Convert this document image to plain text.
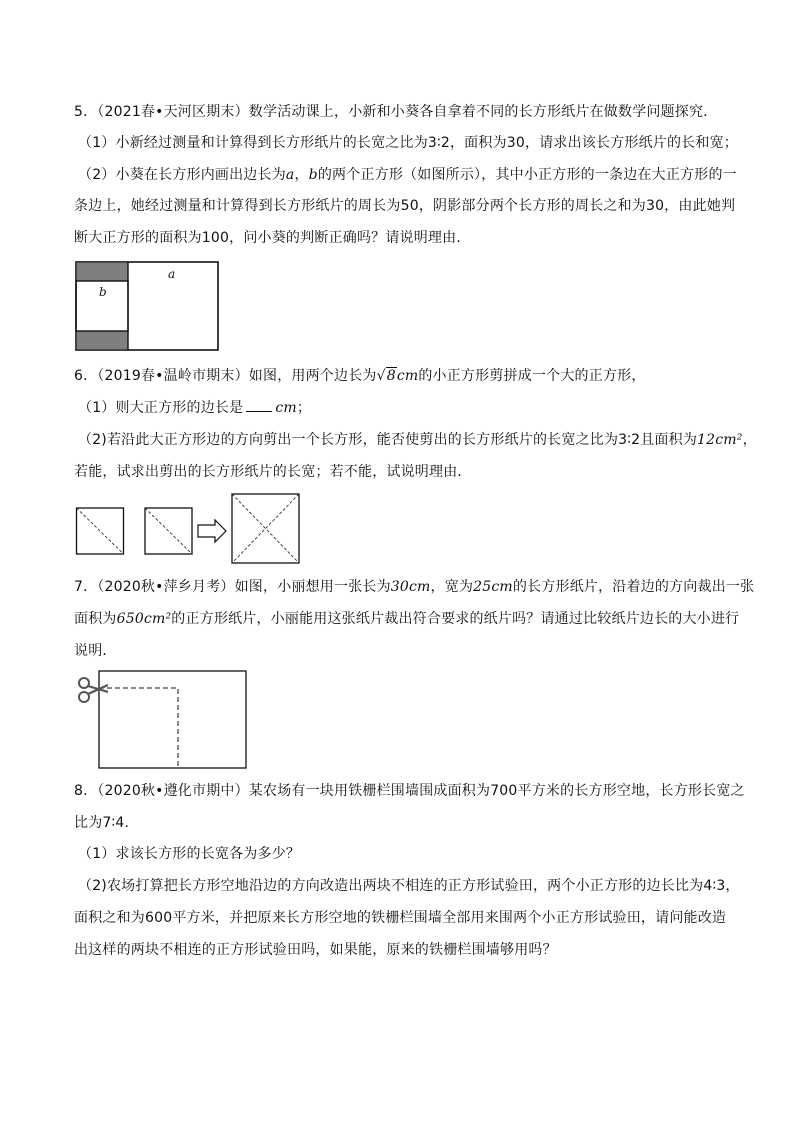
5．（2021春•天河区期末）数学活动课上，小新和小葵各自拿着不同的长方形纸片在做数学问题探究．
（1）小新经过测量和计算得到长方形纸片的长宽之比为3∶2，面积为30，请求出该长方形纸片的长和宽；
（2）小葵在长方形内画出边长为a，b的两个正方形（如图所示），其中小正方形的一条边在大正方形的一
条边上，她经过测量和计算得到长方形纸片的周长为50，阴影部分两个长方形的周长之和为30，由此她判
断大正方形的面积为100，问小葵的判断正确吗？请说明理由．
a
b
6．（2019春•温岭市期末）如图，用两个边长为√8cm的小正方形剪拼成一个大的正方形，
（1）则大正方形的边长是 cm；
（2)若沿此大正方形边的方向剪出一个长方形，能否使剪出的长方形纸片的长宽之比为3∶2且面积为12cm²，
若能，试求出剪出的长方形纸片的长宽；若不能，试说明理由．
7．（2020秋•萍乡月考）如图，小丽想用一张长为30cm，宽为25cm的长方形纸片，沿着边的方向裁出一张
面积为650cm²的正方形纸片，小丽能用这张纸片裁出符合要求的纸片吗？请通过比较纸片边长的大小进行
说明．
8．（2020秋•遵化市期中）某农场有一块用铁栅栏围墙围成面积为700平方米的长方形空地，长方形长宽之
比为7∶4．
（1）求该长方形的长宽各为多少？
（2)农场打算把长方形空地沿边的方向改造出两块不相连的正方形试验田，两个小正方形的边长比为4∶3，
面积之和为600平方米，并把原来长方形空地的铁栅栏围墙全部用来围两个小正方形试验田，请问能改造
出这样的两块不相连的正方形试验田吗，如果能，原来的铁栅栏围墙够用吗？
